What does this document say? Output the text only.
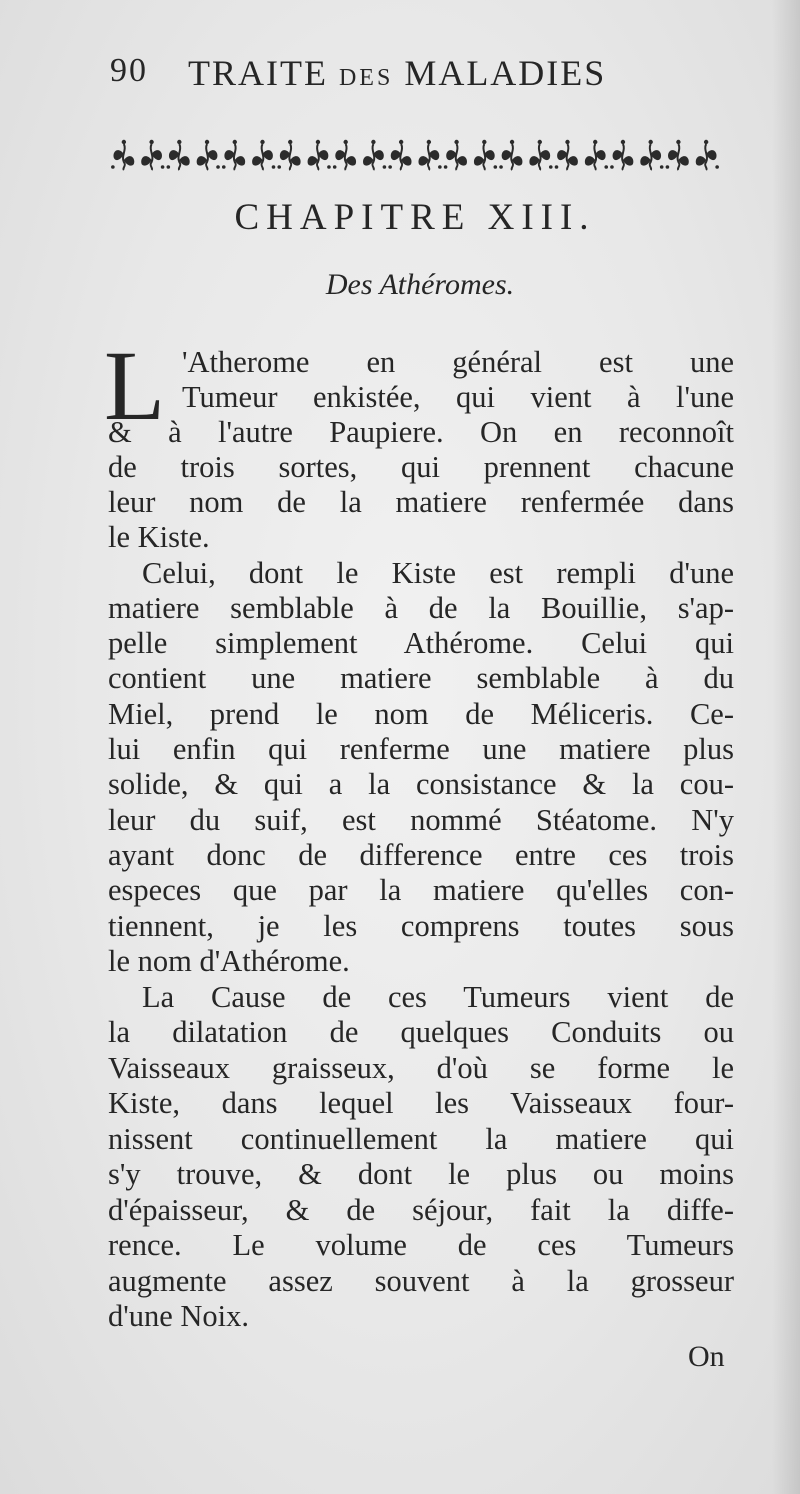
90 TRAITE DES MALADIES
CHAPITRE XIII.
Des Athéromes.
L 'Atherome en général est une
Tumeur enkistée, qui vient à l'une
& à l'autre Paupiere. On en reconnoît
de trois sortes, qui prennent chacune
leur nom de la matiere renfermée dans
le Kiste.
Celui, dont le Kiste est rempli d'une
matiere semblable à de la Bouillie, s'ap-
pelle simplement Athérome. Celui qui
contient une matiere semblable à du
Miel, prend le nom de Méliceris. Ce-
lui enfin qui renferme une matiere plus
solide, & qui a la consistance & la cou-
leur du suif, est nommé Stéatome. N'y
ayant donc de difference entre ces trois
especes que par la matiere qu'elles con-
tiennent, je les comprens toutes sous
le nom d'Athérome.
La Cause de ces Tumeurs vient de
la dilatation de quelques Conduits ou
Vaisseaux graisseux, d'où se forme le
Kiste, dans lequel les Vaisseaux four-
nissent continuellement la matiere qui
s'y trouve, & dont le plus ou moins
d'épaisseur, & de séjour, fait la diffe-
rence. Le volume de ces Tumeurs
augmente assez souvent à la grosseur
d'une Noix.
On
